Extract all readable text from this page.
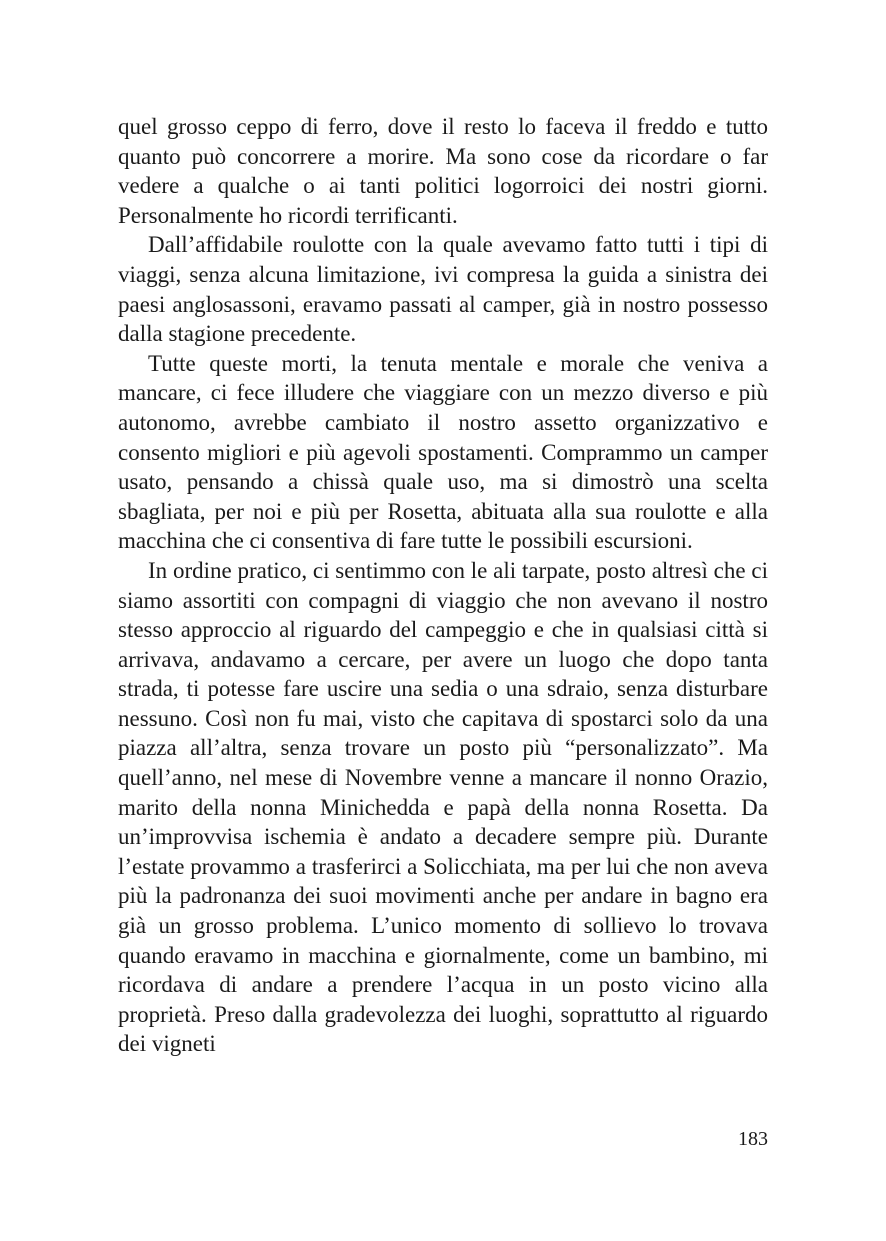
quel grosso ceppo di ferro, dove il resto lo faceva il freddo e tutto quanto può concorrere a morire. Ma sono cose da ricordare o far vedere a qualche o ai tanti politici logorroici dei nostri giorni. Personalmente ho ricordi terrificanti.

Dall’affidabile roulotte con la quale avevamo fatto tutti i tipi di viaggi, senza alcuna limitazione, ivi compresa la guida a sinistra dei paesi anglosassoni, eravamo passati al camper, già in nostro possesso dalla stagione precedente.

Tutte queste morti, la tenuta mentale e morale che veniva a mancare, ci fece illudere che viaggiare con un mezzo diverso e più autonomo, avrebbe cambiato il nostro assetto organizzativo e consento migliori e più agevoli spostamenti. Comprammo un camper usato, pensando a chissà quale uso, ma si dimostrò una scelta sbagliata, per noi e più per Rosetta, abituata alla sua roulotte e alla macchina che ci consentiva di fare tutte le possibili escursioni.

In ordine pratico, ci sentimmo con le ali tarpate, posto altresì che ci siamo assortiti con compagni di viaggio che non avevano il nostro stesso approccio al riguardo del campeggio e che in qualsiasi città si arrivava, andavamo a cercare, per avere un luogo che dopo tanta strada, ti potesse fare uscire una sedia o una sdraio, senza disturbare nessuno. Così non fu mai, visto che capitava di spostarci solo da una piazza all’altra, senza trovare un posto più “personalizzato”. Ma quell’anno, nel mese di Novembre venne a mancare il nonno Orazio, marito della nonna Minichedda e papà della nonna Rosetta. Da un’improvvisa ischemia è andato a decadere sempre più. Durante l’estate provammo a trasferirci a Solicchiata, ma per lui che non aveva più la padronanza dei suoi movimenti anche per andare in bagno era già un grosso problema. L’unico momento di sollievo lo trovava quando eravamo in macchina e giornalmente, come un bambino, mi ricordava di andare a prendere l’acqua in un posto vicino alla proprietà. Preso dalla gradevolezza dei luoghi, soprattutto al riguardo dei vigneti

183
